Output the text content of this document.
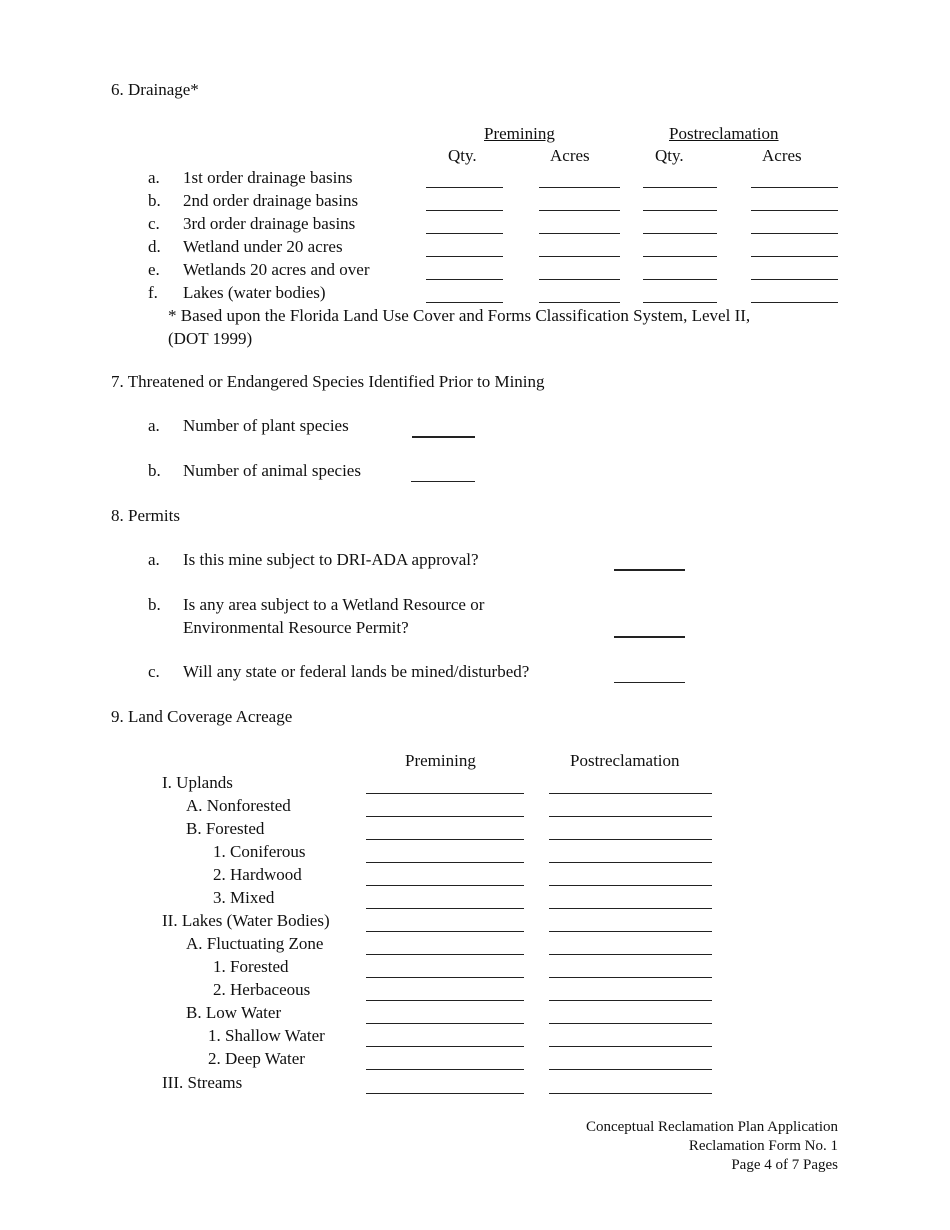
6. Drainage*
Premining	Postreclamation
Qty.	Acres	Qty.	Acres
a. 1st order drainage basins
b. 2nd order drainage basins
c. 3rd order drainage basins
d. Wetland under 20 acres
e. Wetlands 20 acres and over
f. Lakes (water bodies)
* Based upon the Florida Land Use Cover and Forms Classification System, Level II,
(DOT 1999)
7. Threatened or Endangered Species Identified Prior to Mining
a. Number of plant species
b. Number of animal species
8. Permits
a. Is this mine subject to DRI-ADA approval?
b. Is any area subject to a Wetland Resource or
Environmental Resource Permit?
c. Will any state or federal lands be mined/disturbed?
9. Land Coverage Acreage
Premining	Postreclamation
I. Uplands
A. Nonforested
B. Forested
1. Coniferous
2. Hardwood
3. Mixed
II. Lakes (Water Bodies)
A. Fluctuating Zone
1. Forested
2. Herbaceous
B. Low Water
1. Shallow Water
2. Deep Water
III. Streams
Conceptual Reclamation Plan Application
Reclamation Form No. 1
Page 4 of 7 Pages
